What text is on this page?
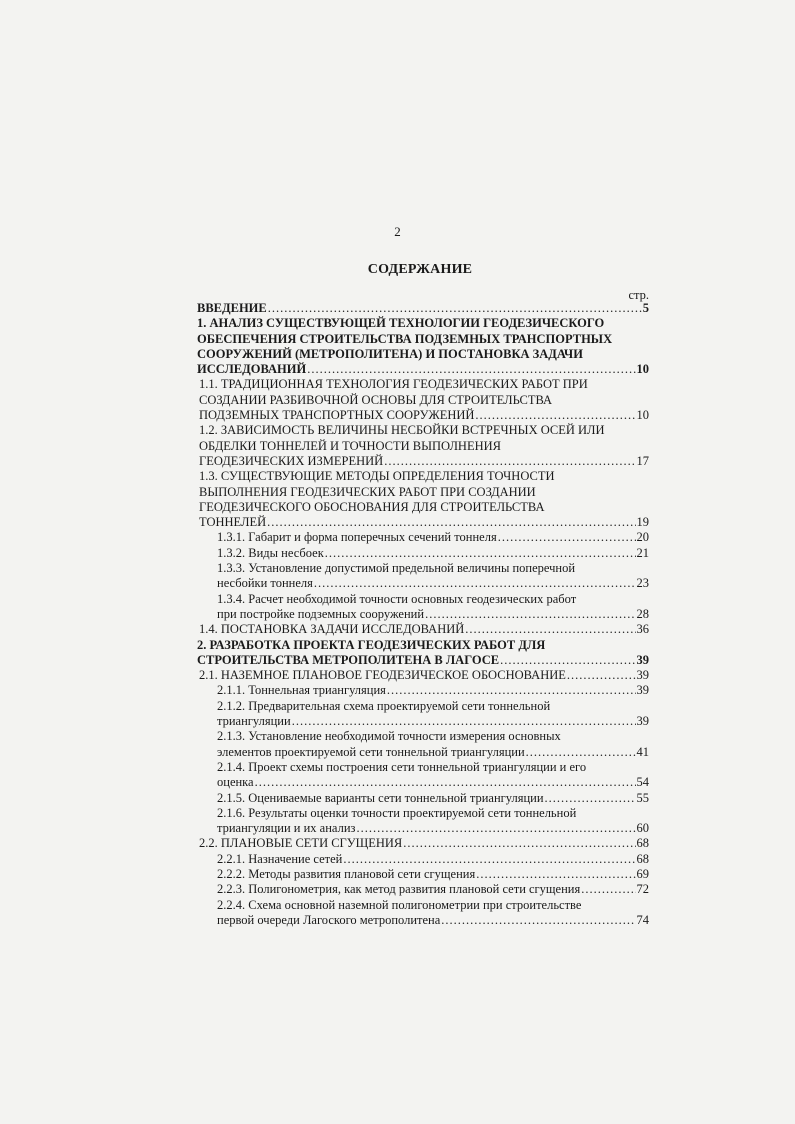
2
СОДЕРЖАНИЕ
стр.
ВВЕДЕНИЕ .....	5
1. АНАЛИЗ СУЩЕСТВУЮЩЕЙ ТЕХНОЛОГИИ ГЕОДЕЗИЧЕСКОГО
ОБЕСПЕЧЕНИЯ СТРОИТЕЛЬСТВА ПОДЗЕМНЫХ ТРАНСПОРТНЫХ
СООРУЖЕНИЙ (МЕТРОПОЛИТЕНА) И ПОСТАНОВКА ЗАДАЧИ
ИССЛЕДОВАНИЙ .....	10
1.1. ТРАДИЦИОННАЯ ТЕХНОЛОГИЯ ГЕОДЕЗИЧЕСКИХ РАБОТ ПРИ
СОЗДАНИИ РАЗБИВОЧНОЙ ОСНОВЫ ДЛЯ СТРОИТЕЛЬСТВА
ПОДЗЕМНЫХ ТРАНСПОРТНЫХ СООРУЖЕНИЙ .....	10
1.2. ЗАВИСИМОСТЬ ВЕЛИЧИНЫ НЕСБОЙКИ ВСТРЕЧНЫХ ОСЕЙ ИЛИ
ОБДЕЛКИ ТОННЕЛЕЙ И ТОЧНОСТИ ВЫПОЛНЕНИЯ
ГЕОДЕЗИЧЕСКИХ ИЗМЕРЕНИЙ .....	17
1.3. СУЩЕСТВУЮЩИЕ МЕТОДЫ ОПРЕДЕЛЕНИЯ ТОЧНОСТИ
ВЫПОЛНЕНИЯ ГЕОДЕЗИЧЕСКИХ РАБОТ ПРИ СОЗДАНИИ
ГЕОДЕЗИЧЕСКОГО ОБОСНОВАНИЯ ДЛЯ СТРОИТЕЛЬСТВА
ТОННЕЛЕЙ .....	19
1.3.1. Габарит и форма поперечных сечений тоннеля .....	20
1.3.2. Виды несбоек .....	21
1.3.3. Установление допустимой предельной величины поперечной
несбойки тоннеля .....	23
1.3.4. Расчет необходимой точности основных геодезических работ
при постройке подземных сооружений .....	28
1.4. ПОСТАНОВКА ЗАДАЧИ ИССЛЕДОВАНИЙ .....	36
2. РАЗРАБОТКА ПРОЕКТА ГЕОДЕЗИЧЕСКИХ РАБОТ ДЛЯ
СТРОИТЕЛЬСТВА МЕТРОПОЛИТЕНА В ЛАГОСЕ .....	39
2.1. НАЗЕМНОЕ ПЛАНОВОЕ ГЕОДЕЗИЧЕСКОЕ ОБОСНОВАНИЕ .....	39
2.1.1. Тоннельная триангуляция .....	39
2.1.2. Предварительная схема проектируемой сети тоннельной
триангуляции .....	39
2.1.3. Установление необходимой точности измерения основных
элементов проектируемой сети тоннельной триангуляции .....	41
2.1.4. Проект схемы построения сети тоннельной триангуляции и его
оценка .....	54
2.1.5. Оцениваемые варианты сети тоннельной триангуляции .....	55
2.1.6. Результаты оценки точности проектируемой сети тоннельной
триангуляции и их анализ .....	60
2.2. ПЛАНОВЫЕ СЕТИ СГУЩЕНИЯ .....	68
2.2.1. Назначение сетей .....	68
2.2.2. Методы развития плановой сети сгущения .....	69
2.2.3. Полигонометрия, как метод развития плановой сети сгущения .....	72
2.2.4. Схема основной наземной полигонометрии при строительстве
первой очереди Лагоского метрополитена .....	74
